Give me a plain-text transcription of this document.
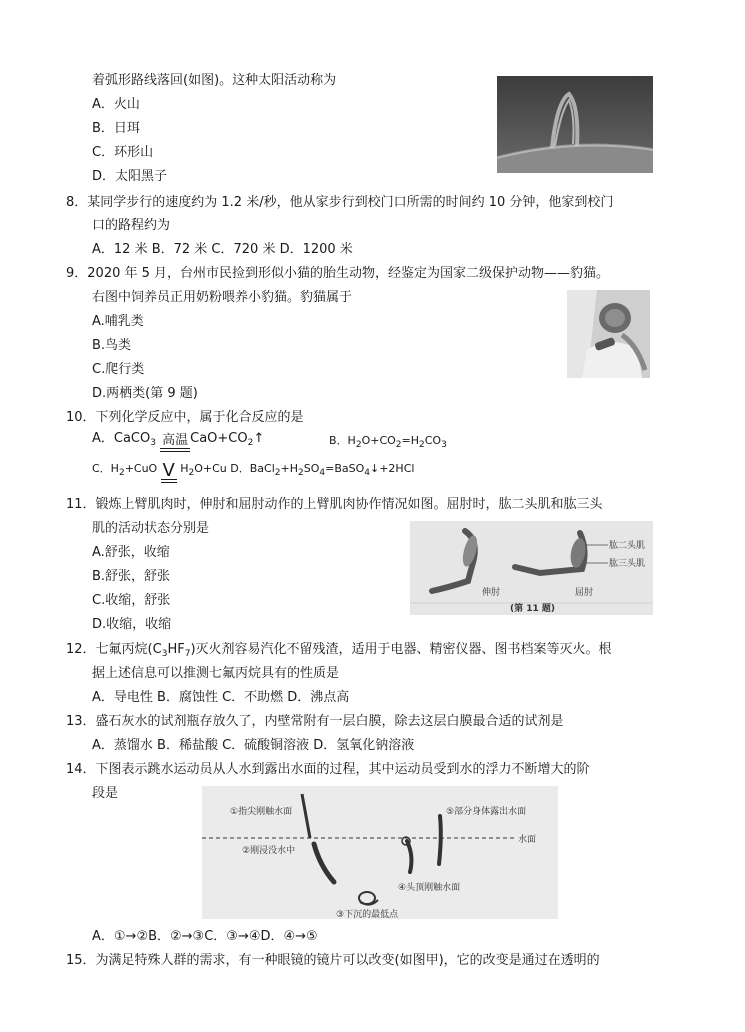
着弧形路线落回(如图)。这种太阳活动称为
A．火山
B．日珥
C．环形山
D．太阳黑子
8．某同学步行的速度约为 1.2 米/秒，他从家步行到校门口所需的时间约 10 分钟，他家到校门
口的路程约为
A．12 米 B．72 米 C．720 米 D．1200 米
9．2020 年 5 月，台州市民捡到形似小猫的胎生动物，经鉴定为国家二级保护动物——豹猫。
右图中饲养员正用奶粉喂养小豹猫。豹猫属于
A.哺乳类
B.鸟类
C.爬行类
D.两栖类(第 9 题)
10．下列化学反应中，属于化合反应的是
A．CaCO$_3$ 高温 $CaO+CO_2↑$	B．$H_2O+CO_2=H_2CO_3$
C．$H_2+CuO$ V $H_2O+Cu$ D．$BaCl_2+H_2SO_4=BaSO_4↓+2HCl$
11．锻炼上臂肌肉时，伸肘和屈肘动作的上臂肌肉协作情况如图。屈肘时，肱二头肌和肱三头
肌的活动状态分别是
A.舒张，收缩
B.舒张，舒张
C.收缩，舒张
D.收缩，收缩
肱二头肌
肱三头肌
伸肘	屈肘
(第 11 题)
12．七氟丙烷$(C_3HF_7)$灭火剂容易汽化不留残渣，适用于电器、精密仪器、图书档案等灭火。根
据上述信息可以推测七氟丙烷具有的性质是
A．导电性 B．腐蚀性 C．不助燃 D．沸点高
13．盛石灰水的试剂瓶存放久了，内壁常附有一层白膜，除去这层白膜最合适的试剂是
A．蒸馏水 B．稀盐酸 C．硫酸铜溶液 D．氢氧化钠溶液
14．下图表示跳水运动员从人水到露出水面的过程，其中运动员受到水的浮力不断增大的阶
段是
①指尖刚触水面
②刚浸没水中
③下沉的最低点
④头顶刚触水面
⑤部分身体露出水面
水面
A．①→②B．②→③C．③→④D．④→⑤
15．为满足特殊人群的需求，有一种眼镜的镜片可以改变(如图甲)，它的改变是通过在透明的
